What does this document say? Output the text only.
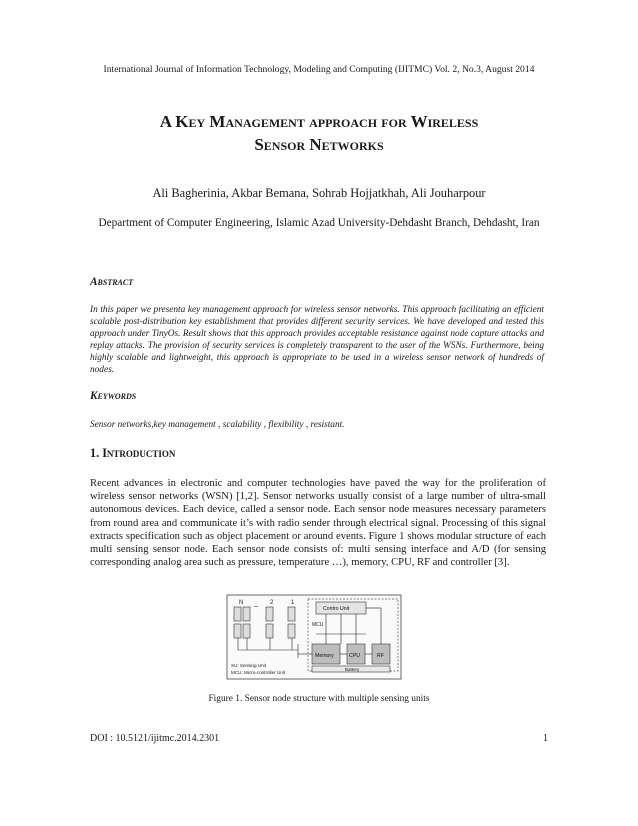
International Journal of Information Technology, Modeling and Computing (IJITMC) Vol. 2, No.3, August 2014
A Key Management approach for Wireless
Sensor Networks
Ali Bagherinia, Akbar Bemana, Sohrab Hojjatkhah, Ali Jouharpour
Department of Computer Engineering, Islamic Azad University-Dehdasht Branch, Dehdasht, Iran
Abstract
In this paper we presenta key management approach for wireless sensor networks. This approach facilitating an efficient scalable post-distribution key establishment that provides different security services. We have developed and tested this approach under TinyOs. Result shows that this approach provides acceptable resistance against node capture attacks and replay attacks. The provision of security services is completely transparent to the user of the WSNs. Furthermore, being highly scalable and lightweight, this approach is appropriate to be used in a wireless sensor network of hundreds of nodes.
Keywords
Sensor networks,key management , scalability , flexibility , resistant.
1. Introduction
Recent advances in electronic and computer technologies have paved the way for the proliferation of wireless sensor networks (WSN) [1,2]. Sensor networks usually consist of a large number of ultra-small autonomous devices. Each device, called a sensor node. Each sensor node measures necessary parameters from round area and communicate it’s with radio sender through electrical signal. Processing of this signal extracts specification such as object placement or around events. Figure 1 shows modular structure of each multi sensing sensor node. Each sensor node consists of: multi sensing interface and A/D (for sensing corresponding analog area such as pressure, temperature …), memory, CPU, RF and controller [3].
N	2	1
–
MCU
Contro Unit
Memory	CPU	RF
Battery
SU: Sensing Unit
MCU: Micro-controller Unit
Figure 1. Sensor node structure with multiple sensing units
DOI : 10.5121/ijitmc.2014.2301	1
